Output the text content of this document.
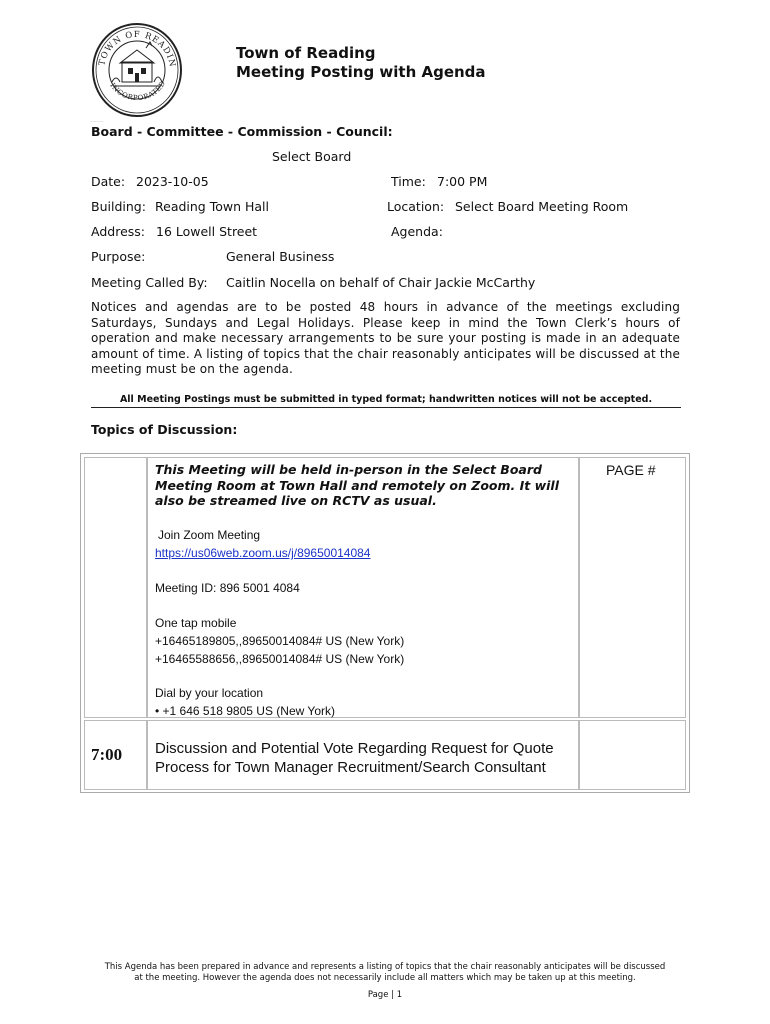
TOWN OF READIN
INCORPORATED
_________
Town of Reading
Meeting Posting with Agenda
Board - Committee - Commission - Council:
Select Board
Date: 2023-10-05	Time: 7:00 PM
Building: Reading Town Hall	Location: Select Board Meeting Room
Address: 16 Lowell Street	Agenda:
Purpose:	General Business
Meeting Called By: Caitlin Nocella on behalf of Chair Jackie McCarthy
Notices and agendas are to be posted 48 hours in advance of the meetings excluding Saturdays, Sundays and Legal Holidays. Please keep in mind the Town Clerk’s hours of operation and make necessary arrangements to be sure your posting is made in an adequate amount of time. A listing of topics that the chair reasonably anticipates will be discussed at the meeting must be on the agenda.
All Meeting Postings must be submitted in typed format; handwritten notices will not be accepted.
Topics of Discussion:
This Meeting will be held in-person in the Select Board
Meeting Room at Town Hall and remotely on Zoom. It will
also be streamed live on RCTV as usual.
Join Zoom Meeting
https://us06web.zoom.us/j/89650014084
Meeting ID: 896 5001 4084
One tap mobile
+16465189805,,89650014084# US (New York)
+16465588656,,89650014084# US (New York)
Dial by your location
• +1 646 518 9805 US (New York)
PAGE #
7:00 Discussion and Potential Vote Regarding Request for Quote
Process for Town Manager Recruitment/Search Consultant
This Agenda has been prepared in advance and represents a listing of topics that the chair reasonably anticipates will be discussed
at the meeting. However the agenda does not necessarily include all matters which may be taken up at this meeting.
Page | 1
